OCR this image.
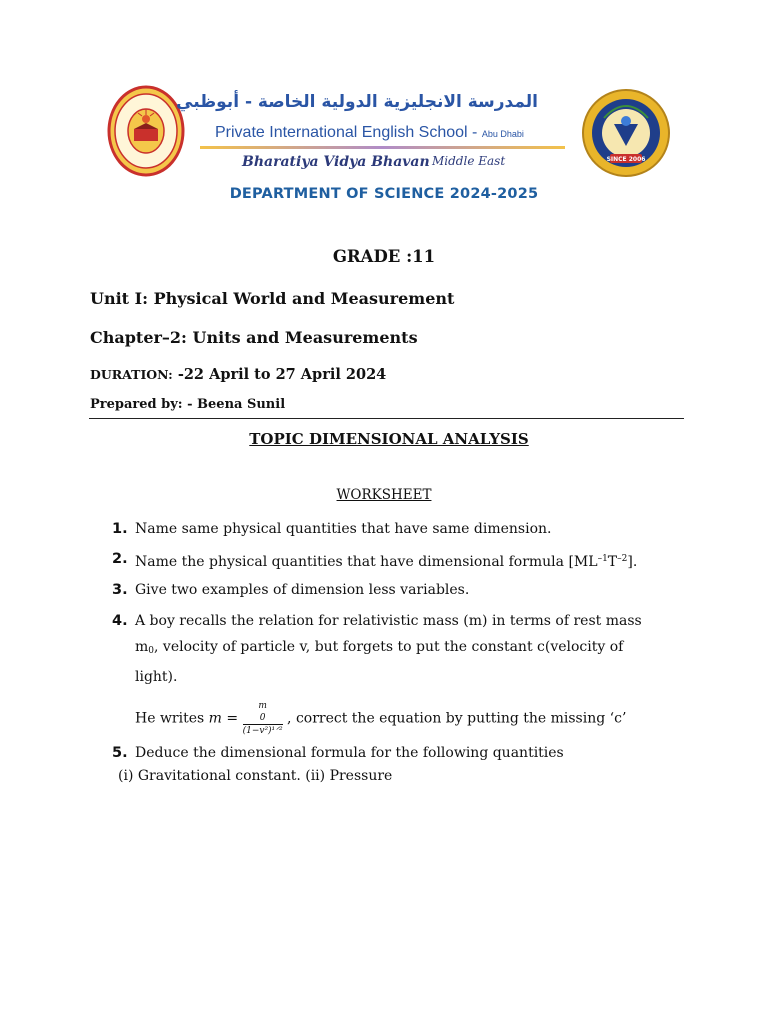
المدرسة الانجليزية الدولية الخاصة - أبوظبي
Private International English School - Abu Dhabi
Bharatiya Vidya Bhavan Middle East	SINCE 2006
DEPARTMENT OF SCIENCE 2024-2025
GRADE :11
Unit I: Physical World and Measurement
Chapter–2: Units and Measurements
DURATION: -22 April to 27 April 2024
Prepared by: - Beena Sunil
TOPIC DIMENSIONAL ANALYSIS
WORKSHEET
1. Name same physical quantities that have same dimension.
2. Name the physical quantities that have dimensional formula $[ML^{-1}T^{-2}]$.
3. Give two examples of dimension less variables.
4. A boy recalls the relation for relativistic mass (m) in terms of rest mass
$m_0$, velocity of particle v, but forgets to put the constant c(velocity of
light).
He writes m =
m
0
(1−v²)¹ᐟ²
, correct the equation by putting the missing ‘c’
5. Deduce the dimensional formula for the following quantities
(i) Gravitational constant. (ii) Pressure
